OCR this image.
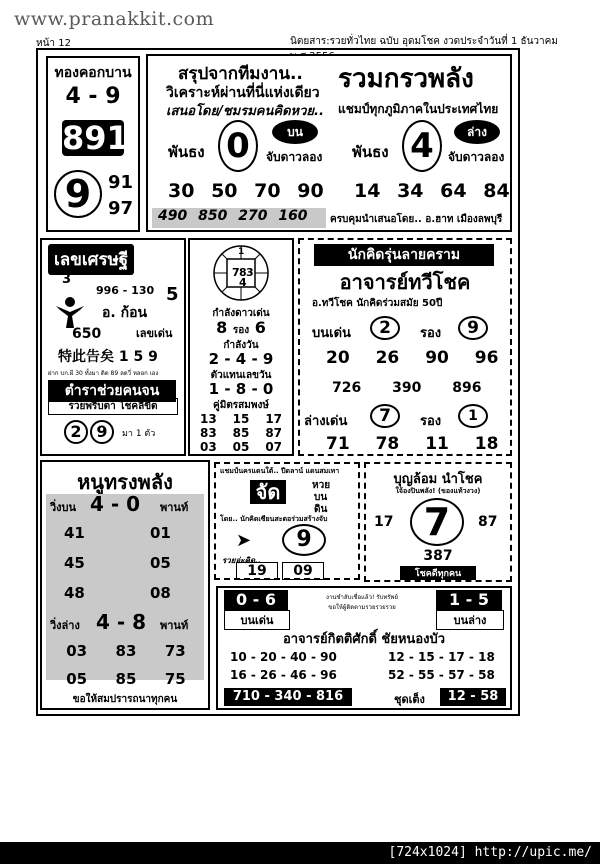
www.pranakkit.com
หน้า 12	นิตยสาร:รวยทั่วไทย ฉบับ อุดมโชค งวดประจำวันที่ 1 ธันวาคม
ทองคอกบาน
4 - 9
891
9 91
97
สรุปจากทีมงาน.. รวมกรวพลัง
วิเคราะห์ผ่านที่นี่แห่งเดียว
เสนอโดย/ชมรมคนคิดหวย.. แชมป์ทุกภูมิภาคในประเทศไทย
พันธง 0	บน
จับดาวลอง พันธง 4	ล่าง
จับดาวลอง
30 50 70 90 14 34 64 84
490 850 270 160	ครบคุมนำเสนอโดย.. อ.ฮาท เมืองลพบุรี
เลขเศรษฐี
3
996 - 130 5
อ. ก้อน
เลขเด่น
650
特此告矣 1 5 9
ฝาก บก.ผี 30 ทั้งมา ดิด 89 ลดวี่ หลอก เอง
ตำราช่วยคนจน
รวยพริบตา โชคลิขิต
2 9	มา 1 ตัว
1
7 8 3
4
กำลังดาวเด่น
8 รอง 6
กำลังวัน
2 - 4 - 9
ตัวแทนเลขวัน
1 - 8 - 0
คู่มิตรสมพงษ์
13	15	17
83	85	87
03	05	07
นักคิดรุ่นลายคราม
อาจารย์ทวีโชค
อ.ทวีโชค นักคิดร่วมสมัย 50ปี
บนเด่น	2	รอง	9
20 26 90 96
726 390 896
ล่างเด่น	7	รอง	1
71 78 11 18
หนูทรงพลัง
วิ่งบน 4 - 0 พานท์
41	01
45	05
48	08
วิ่งล่าง 4 - 8 พานท์
03	83	73
05	85	75
ขอให้สมปรารถนาทุกคน
แชมป์นครแดนใต้.. ปีดลาน์ แดนสมเทา
จัด	หวย
บน
ดิน
โดย.. นักคิดเซียนสะตอร่วมสร้างจับ
➤	9
รวยจ่ะคิด..
19	09
บุญล้อม นำโชค
ใจ้องปินพลัง! (ของแท้วงวง)
17 7	87
387
โชคดีทุกคน
0 - 6
บนเด่น
งานชำลับเชื่อแล้ว! รับทรัพย์
ขอให้ผู้ติดตามรวยรวยรวย	1 - 5
บนล่าง
อาจารย์กิตติศักดิ์ ชัยหนองบัว
10 - 20 - 40 - 90	12 - 15 - 17 - 18
16 - 26 - 46 - 96	52 - 55 - 57 - 58
710 - 340 - 816	ชุดเต็ง	12 - 58
[724x1024] http://upic.me/
